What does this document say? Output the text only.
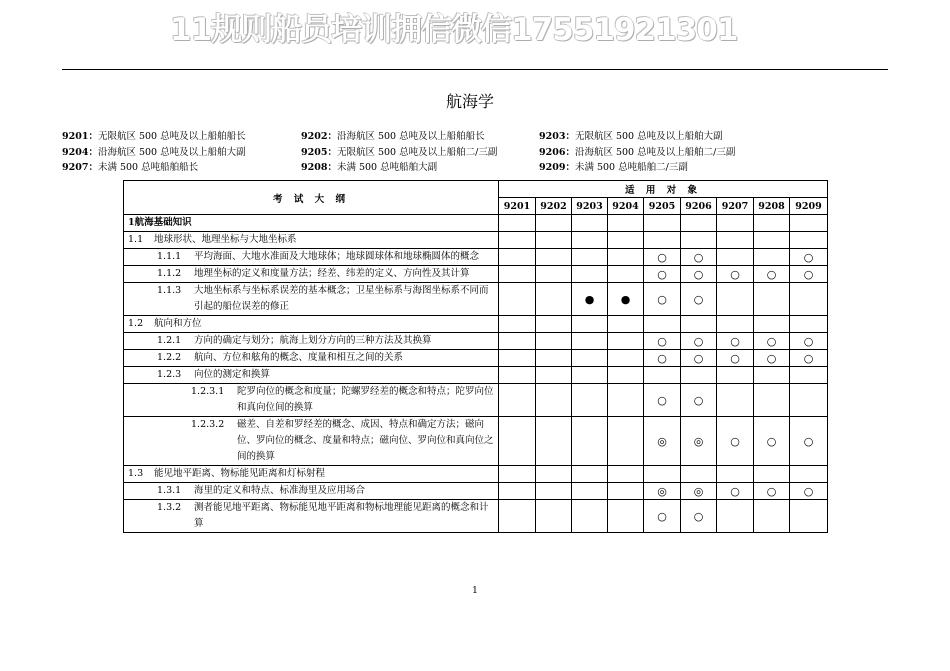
11规则船员培训拥信微信17551921301
航海学
9201：无限航区 500 总吨及以上船舶船长	9202：沿海航区 500 总吨及以上船舶船长	9203：无限航区 500 总吨及以上船舶大副
9204：沿海航区 500 总吨及以上船舶大副	9205：无限航区 500 总吨及以上船舶二/三副	9206：沿海航区 500 总吨及以上船舶二/三副
9207：未满 500 总吨船舶船长	9208：未满 500 总吨船舶大副	9209：未满 500 总吨船舶二/三副
考 试 大 纲	适 用 对 象								
	9201	9202	9203	9204	9205	9206	9207	9208	9209

1 航海基础知识									

1.1 地球形状、地理坐标与大地坐标系									

1.1.1 平均海面、大地水准面及大地球体；地球圆球体和地球椭圆体的概念					○	○			○

1.1.2 地理坐标的定义和度量方法；经差、纬差的定义、方向性及其计算					○	○	○	○	○

1.1.3 大地坐标系与坐标系误差的基本概念；卫星坐标系与海图坐标系不同而引起的船位误差的修正			●	●	○	○			

1.2 航向和方位									

1.2.1 方向的确定与划分；航海上划分方向的三种方法及其换算					○	○	○	○	○

1.2.2 航向、方位和舷角的概念、度量和相互之间的关系					○	○	○	○	○

1.2.3 向位的测定和换算									

1.2.3.1 陀罗向位的概念和度量；陀螺罗经差的概念和特点；陀罗向位和真向位间的换算					○	○			

1.2.3.2 磁差、自差和罗经差的概念、成因、特点和确定方法；磁向位、罗向位的概念、度量和特点；磁向位、罗向位和真向位之间的换算					◎	◎	○	○	○

1.3 能见地平距离、物标能见距离和灯标射程									

1.3.1 海里的定义和特点、标准海里及应用场合					◎	◎	○	○	○

1.3.2 测者能见地平距离、物标能见地平距离和物标地理能见距离的概念和计算					○	○			
1
